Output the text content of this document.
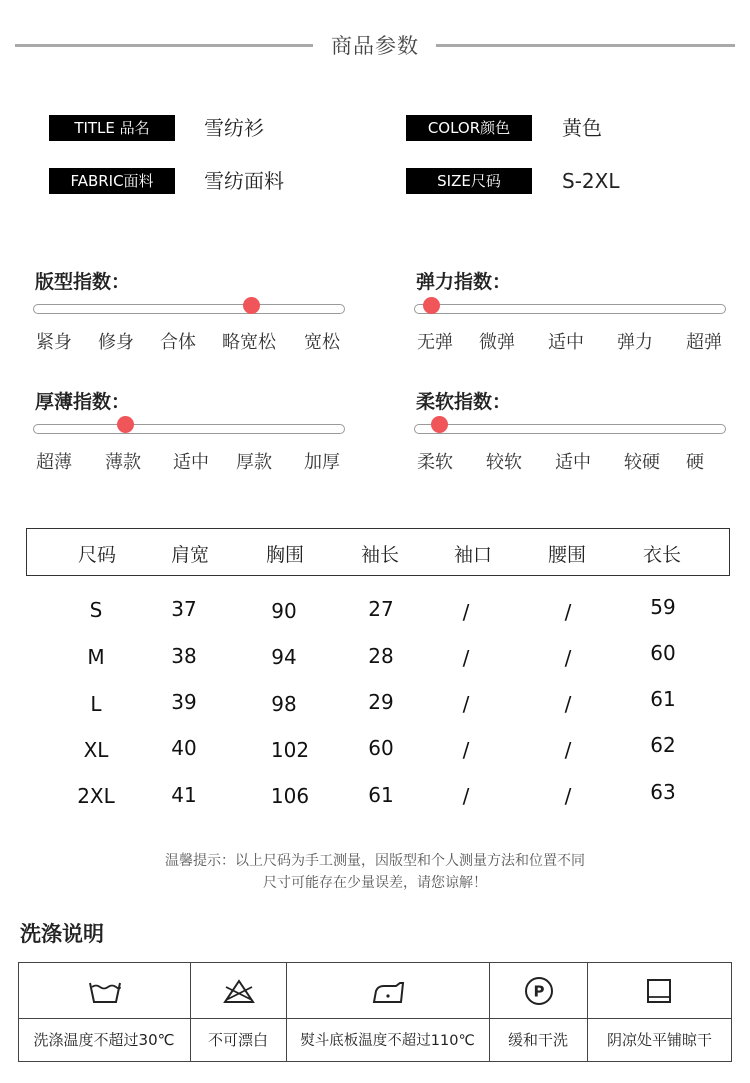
商品参数
TITLE 品名	雪纺衫	COLOR颜色	黄色
FABRIC面料	雪纺面料	SIZE尺码	S-2XL
版型指数：
紧身 修身 合体 略宽松 宽松
弹力指数：
无弹 微弹 适中 弹力 超弹
厚薄指数：
超薄 薄款 适中 厚款 加厚
柔软指数：
柔软 较软 适中 较硬 硬
尺码	肩宽	胸围	袖长	袖口	腰围	衣长
S	37	90	27	/	/	59
M	38	94	28	/	/	60
L	39	98	29	/	/	61
XL	40	102	60	/	/	62
2XL	41	106	61	/	/	63
温馨提示：以上尺码为手工测量，因版型和个人测量方法和位置不同
尺寸可能存在少量误差，请您谅解！
洗涤说明
P
洗涤温度不超过30℃	不可漂白	熨斗底板温度不超过110℃	缓和干洗	阴凉处平铺晾干
